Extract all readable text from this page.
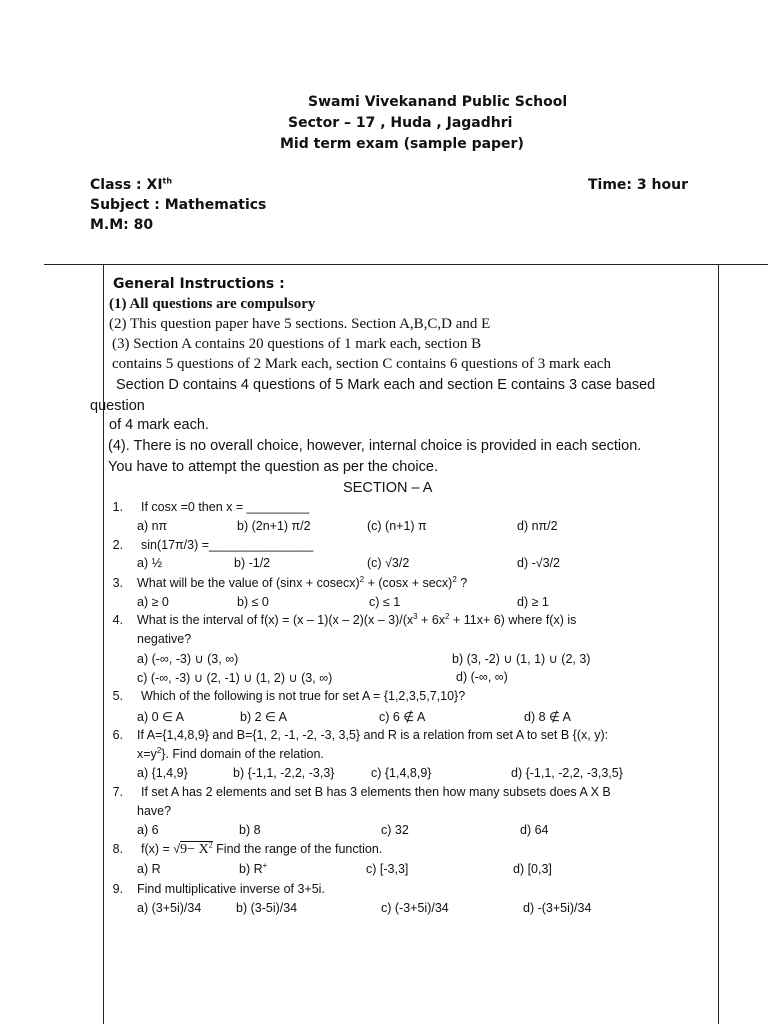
Swami Vivekanand Public School
Sector – 17 , Huda , Jagadhri
Mid term exam (sample paper)
Class : XIth	Time: 3 hour
Subject : Mathematics
M.M: 80
General Instructions :
(1) All questions are compulsory
(2) This question paper have 5 sections. Section A,B,C,D and E
(3) Section A contains 20 questions of 1 mark each, section B
contains 5 questions of 2 Mark each, section C contains 6 questions of 3 mark each
Section D contains 4 questions of 5 Mark each and section E contains 3 case based
question
of 4 mark each.
(4). There is no overall choice, however, internal choice is provided in each section.
You have to attempt the question as per the choice.
SECTION – A
1. If cosx =0 then x = _________
a) nπ	b) (2n+1) π/2	(c) (n+1) π	d) nπ/2
2. sin(17π/3) =_______________
a) ½	b) -1/2	(c) √3/2	d) -√3/2
3. What will be the value of $(\sin x + cosecx)^2 + (\cos x + \sec x)^2$ ?
a) ≥ 0	b) ≤ 0	c) ≤ 1	d) ≥ 1
4. What is the interval of $f(x) = (x - 1)(x - 2)(x - 3)/(x^3 + 6x^2 + 11x+ 6)$ where f(x) is
negative?
a) (-∞, -3) ∪ (3, ∞)	b) (3, -2) ∪ (1, 1) ∪ (2, 3)
c) (-∞, -3) ∪ (2, -1) ∪ (1, 2) ∪ (3, ∞)	d) (-∞, ∞)
5. Which of the following is not true for set A = {1,2,3,5,7,10}?
a) 0 ∈ A	b) 2 ∈ A	c) 6 ∉ A	d) 8 ∉ A
6. If A={1,4,8,9} and B={1, 2, -1, -2, -3, 3,5} and R is a relation from set A to set B {(x, y):
$x=y^2$}. Find domain of the relation.
a) {1,4,9}	b) {-1,1, -2,2, -3,3}	c) {1,4,8,9}	d) {-1,1, -2,2, -3,3,5}
7. If set A has 2 elements and set B has 3 elements then how many subsets does A X B
have?
a) 6	b) 8	c) 32	d) 64
8. $f(x) = √9- X^2$ Find the range of the function.
a) R	b) R+	c) [-3,3]	d) [0,3]
9. Find multiplicative inverse of 3+5i.
a) (3+5i)/34	b) (3-5i)/34	c) (-3+5i)/34	d) -(3+5i)/34
